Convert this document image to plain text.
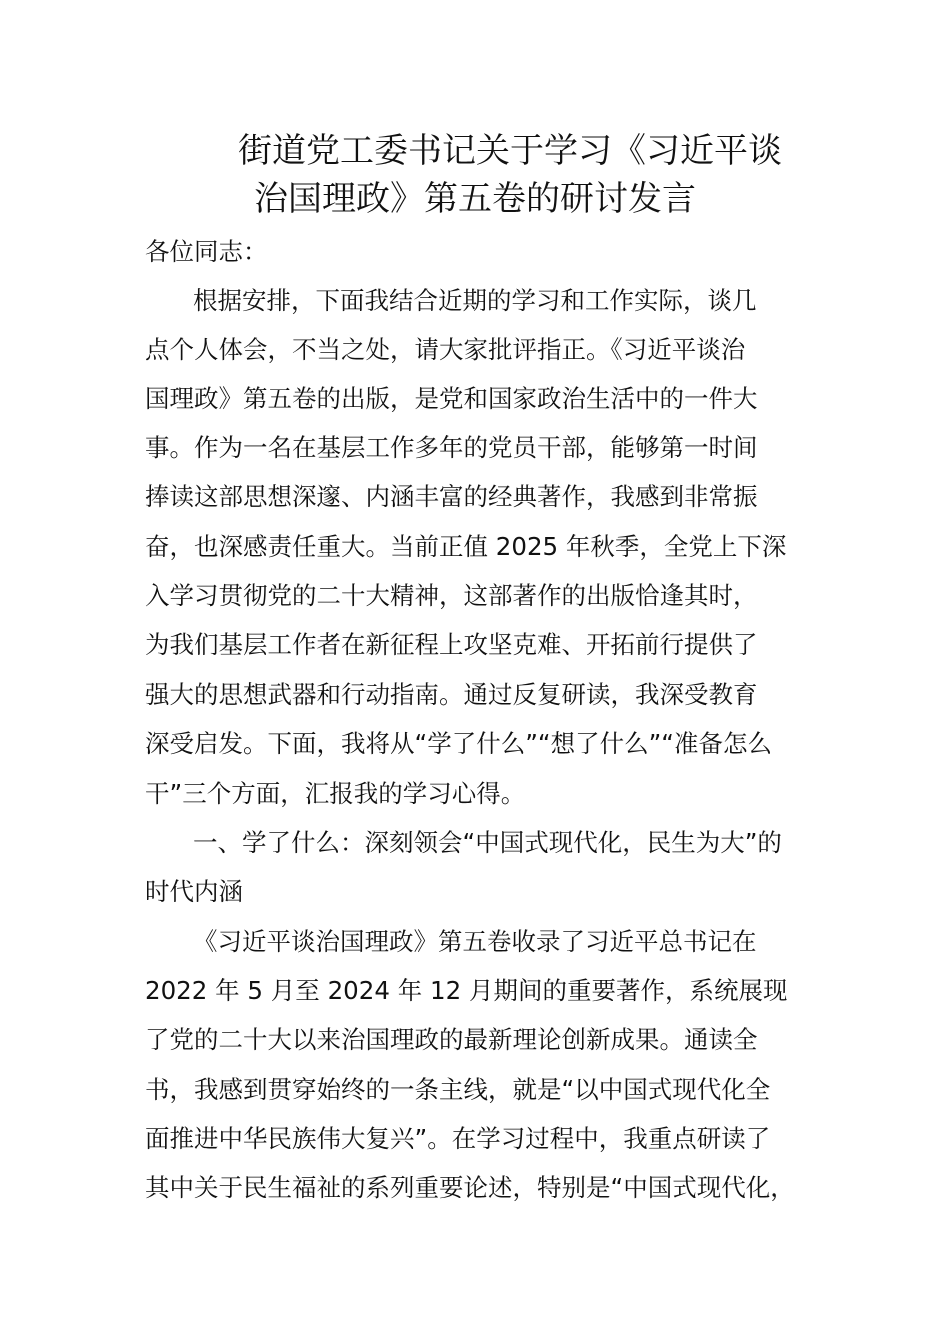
街道党工委书记关于学习《习近平谈
治国理政》第五卷的研讨发言

各位同志：

根据安排，下面我结合近期的学习和工作实际，谈几

点个人体会，不当之处，请大家批评指正。《习近平谈治

国理政》第五卷的出版，是党和国家政治生活中的一件大

事。作为一名在基层工作多年的党员干部，能够第一时间

捧读这部思想深邃、内涵丰富的经典著作，我感到非常振

奋，也深感责任重大。当前正值 2025 年秋季，全党上下深

入学习贯彻党的二十大精神，这部著作的出版恰逢其时，

为我们基层工作者在新征程上攻坚克难、开拓前行提供了

强大的思想武器和行动指南。通过反复研读，我深受教育

深受启发。下面，我将从“学了什么”“想了什么”“准备怎么

干”三个方面，汇报我的学习心得。

一、学了什么：深刻领会“中国式现代化，民生为大”的

时代内涵

《习近平谈治国理政》第五卷收录了习近平总书记在

2022 年 5 月至 2024 年 12 月期间的重要著作，系统展现

了党的二十大以来治国理政的最新理论创新成果。通读全

书，我感到贯穿始终的一条主线，就是“以中国式现代化全

面推进中华民族伟大复兴”。在学习过程中，我重点研读了

其中关于民生福祉的系列重要论述，特别是“中国式现代化，
